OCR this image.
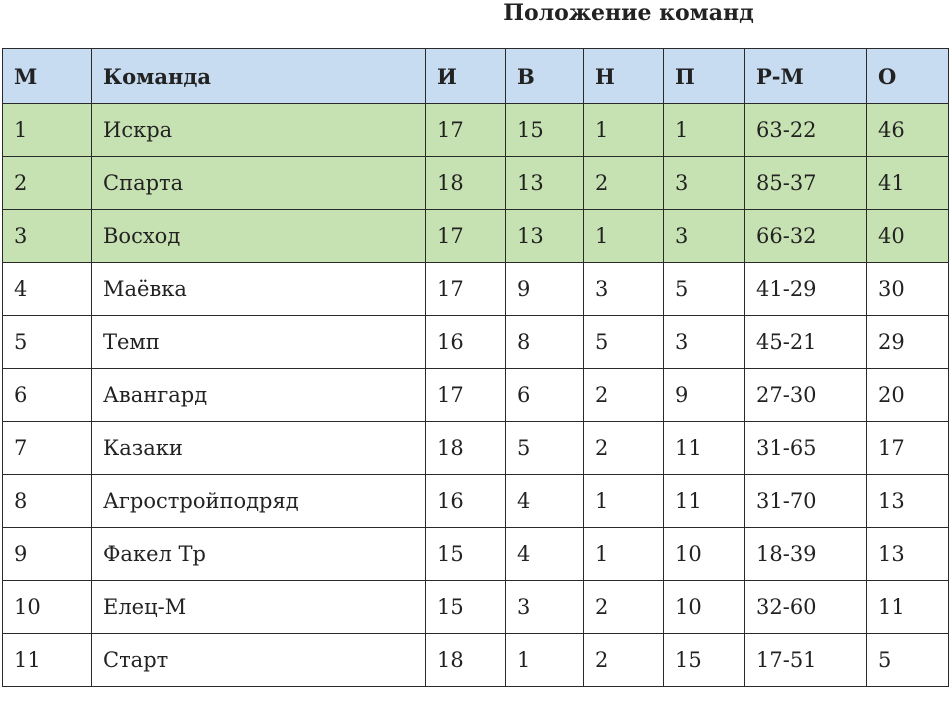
Положение команд
М	Команда	И	В	Н	П	Р-М	О
1	Искра	17	15	1	1	63-22	46
2	Спарта	18	13	2	3	85-37	41
3	Восход	17	13	1	3	66-32	40
4	Маёвка	17	9	3	5	41-29	30
5	Темп	16	8	5	3	45-21	29
6	Авангард	17	6	2	9	27-30	20
7	Казаки	18	5	2	11	31-65	17
8	Агростройподряд	16	4	1	11	31-70	13
9	Факел Тр	15	4	1	10	18-39	13
10	Елец-М	15	3	2	10	32-60	11
11	Старт	18	1	2	15	17-51	5
